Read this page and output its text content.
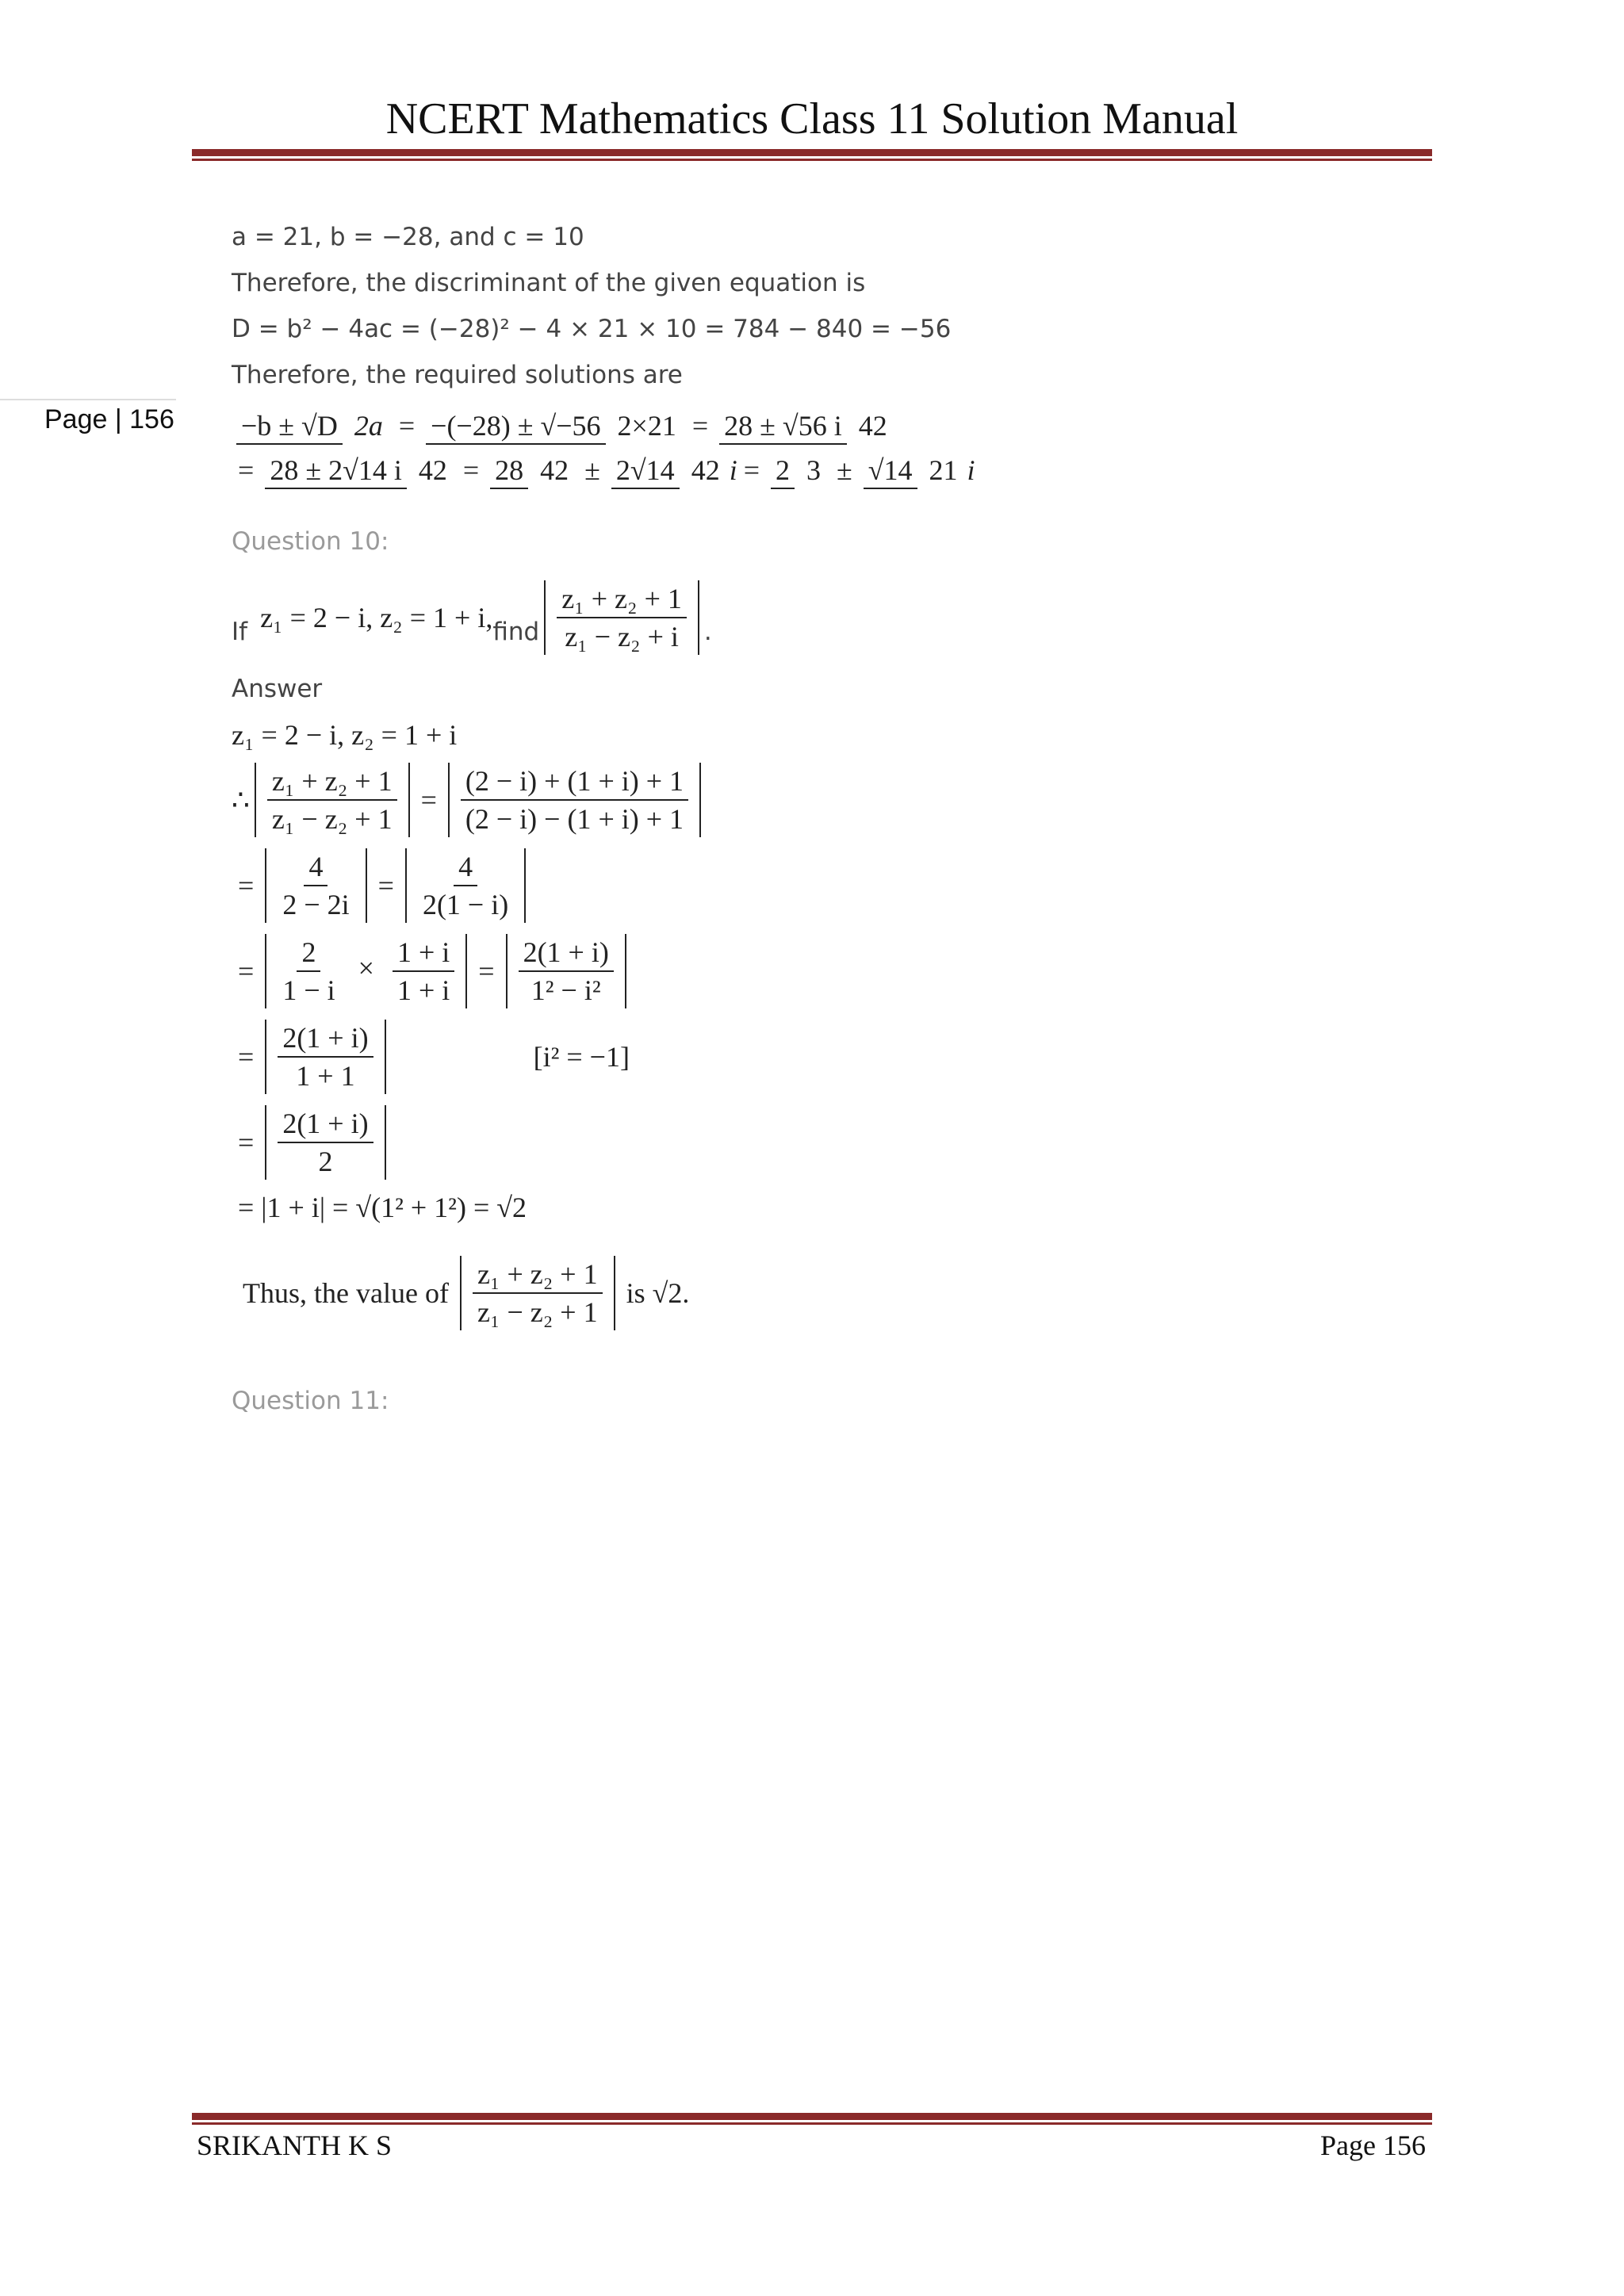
NCERT Mathematics Class 11 Solution Manual
Page | 156
a = 21, b = −28, and c = 10
Therefore, the discriminant of the given equation is
D = b² − 4ac = (−28)² − 4 × 21 × 10 = 784 − 840 = −56
Therefore, the required solutions are
−b ± √D 2a = −(−28) ± √−56 2×21 = 28 ± √56 i 42
= 28 ± 2√14 i 42 = 28 42 ± 2√14 42 i = 2 3 ± √14 21 i
Question 10:
If z₁ = 2 − i, z₂ = 1 + i, find $\frac{\text{z₁ + z₂ + 1}}{\text{z₁ − z₂ + i}}$ .
Answer
z₁ = 2 − i, z₂ = 1 + i
∴ $\frac{\text{z₁ + z₂ + 1}}{\text{z₁ − z₂ + 1}} = \frac{(2 - i) + (1 + i) + 1}{(2 - i) - (1 + i) + 1}$
= $\frac{4}{2 - 2i} = \frac{4}{2(1 - i)}$
= $\frac{2}{1 - i} \times \frac{1 + i}{1 + i} = \frac{2(1 + i)}{\text{1² − i²}}$
= $\frac{2(1 + i)}{1 + 1}$	[i² = −1]
= $\frac{2(1 + i)}{2}$
= |1 + i| = √(1² + 1²) = √2
Thus, the value of $\frac{\text{z₁ + z₂ + 1}}{\text{z₁ − z₂ + 1}}$ is √2.
Question 11:
SRIKANTH K S	Page 156
